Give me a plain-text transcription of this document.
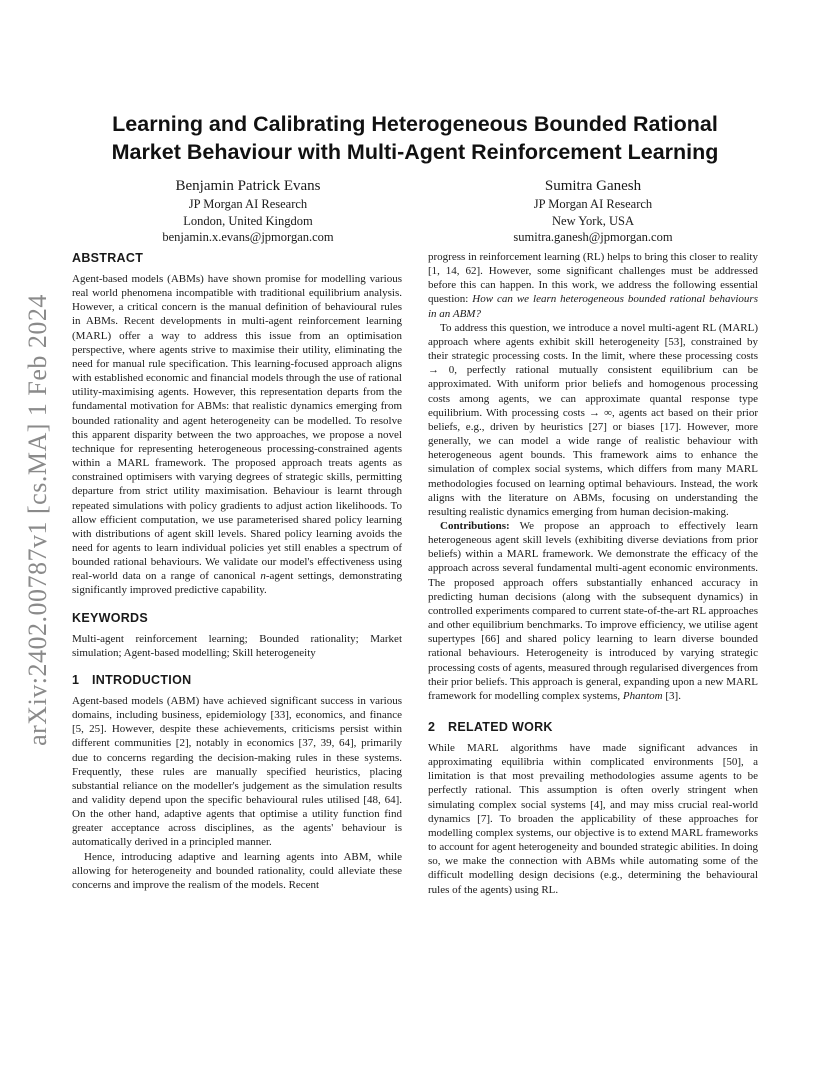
arXiv:2402.00787v1 [cs.MA] 1 Feb 2024
Learning and Calibrating Heterogeneous Bounded Rational
Market Behaviour with Multi-Agent Reinforcement Learning
Benjamin Patrick Evans
JP Morgan AI Research
London, United Kingdom
benjamin.x.evans@jpmorgan.com
Sumitra Ganesh
JP Morgan AI Research
New York, USA
sumitra.ganesh@jpmorgan.com
ABSTRACT

Agent-based models (ABMs) have shown promise for modelling various real world phenomena incompatible with traditional equilibrium analysis. However, a critical concern is the manual definition of behavioural rules in ABMs. Recent developments in multi-agent reinforcement learning (MARL) offer a way to address this issue from an optimisation perspective, where agents strive to maximise their utility, eliminating the need for manual rule specification. This learning-focused approach aligns with established economic and financial models through the use of rational utility-maximising agents. However, this representation departs from the fundamental motivation for ABMs: that realistic dynamics emerging from bounded rationality and agent heterogeneity can be modelled. To resolve this apparent disparity between the two approaches, we propose a novel technique for representing heterogeneous processing-constrained agents within a MARL framework. The proposed approach treats agents as constrained optimisers with varying degrees of strategic skills, permitting departure from strict utility maximisation. Behaviour is learnt through repeated simulations with policy gradients to adjust action likelihoods. To allow efficient computation, we use parameterised shared policy learning with distributions of agent skill levels. Shared policy learning avoids the need for agents to learn individual policies yet still enables a spectrum of bounded rational behaviours. We validate our model's effectiveness using real-world data on a range of canonical n-agent settings, demonstrating significantly improved predictive capability.

KEYWORDS

Multi-agent reinforcement learning; Bounded rationality; Market simulation; Agent-based modelling; Skill heterogeneity

1 INTRODUCTION

Agent-based models (ABM) have achieved significant success in various domains, including business, epidemiology [33], economics, and finance [5, 25]. However, despite these achievements, criticisms persist within different communities [2], notably in economics [37, 39, 64], primarily due to concerns regarding the decision-making rules in these systems. Frequently, these rules are manually specified heuristics, placing substantial reliance on the modeller's judgement as the simulation results and validity depend upon the specific behavioural rules utilised [48, 64]. On the other hand, adaptive agents that optimise a utility function find greater acceptance across disciplines, as the agents' behaviour is automatically derived in a principled manner.

Hence, introducing adaptive and learning agents into ABM, while allowing for heterogeneity and bounded rationality, could alleviate these concerns and improve the realism of the models. Recent

progress in reinforcement learning (RL) helps to bring this closer to reality [1, 14, 62]. However, some significant challenges must be addressed before this can happen. In this work, we address the following essential question: How can we learn heterogeneous bounded rational behaviours in an ABM?

To address this question, we introduce a novel multi-agent RL (MARL) approach where agents exhibit skill heterogeneity [53], constrained by their strategic processing costs. In the limit, where these processing costs → 0, perfectly rational mutually consistent equilibrium can be approximated. With uniform prior beliefs and homogenous processing costs among agents, we can approximate quantal response type equilibrium. With processing costs → ∞, agents act based on their prior beliefs, e.g., driven by heuristics [27] or biases [17]. However, more generally, we can model a wide range of realistic behaviour with heterogeneous agent bounds. This framework aims to enhance the simulation of complex social systems, which differs from many MARL methodologies focused on learning optimal behaviours. Instead, the work aligns with the literature on ABMs, focusing on understanding the resulting realistic dynamics emerging from human decision-making.

Contributions: We propose an approach to effectively learn heterogeneous agent skill levels (exhibiting diverse deviations from prior beliefs) within a MARL framework. We demonstrate the efficacy of the approach across several fundamental multi-agent economic environments. The proposed approach offers substantially enhanced accuracy in predicting human decisions (along with the subsequent dynamics) in controlled experiments compared to current state-of-the-art RL approaches and other equilibrium benchmarks. To improve efficiency, we utilise agent supertypes [66] and shared policy learning to learn diverse bounded rational behaviours. Heterogeneity is introduced by varying strategic processing costs of agents, measured through regularised divergences from their prior beliefs. This approach is general, expanding upon a new MARL framework for modelling complex systems, Phantom [3].

2 RELATED WORK

While MARL algorithms have made significant advances in approximating equilibria within complicated environments [50], a limitation is that most prevailing methodologies assume agents to be perfectly rational. This assumption is often overly stringent when simulating complex social systems [4], and may miss crucial real-world dynamics [7]. To broaden the applicability of these approaches for modelling complex systems, our objective is to extend MARL frameworks to account for agent heterogeneity and bounded strategic abilities. In doing so, we make the connection with ABMs while automating some of the difficult modelling design decisions (e.g., determining the behavioural rules of the agents) using RL.
